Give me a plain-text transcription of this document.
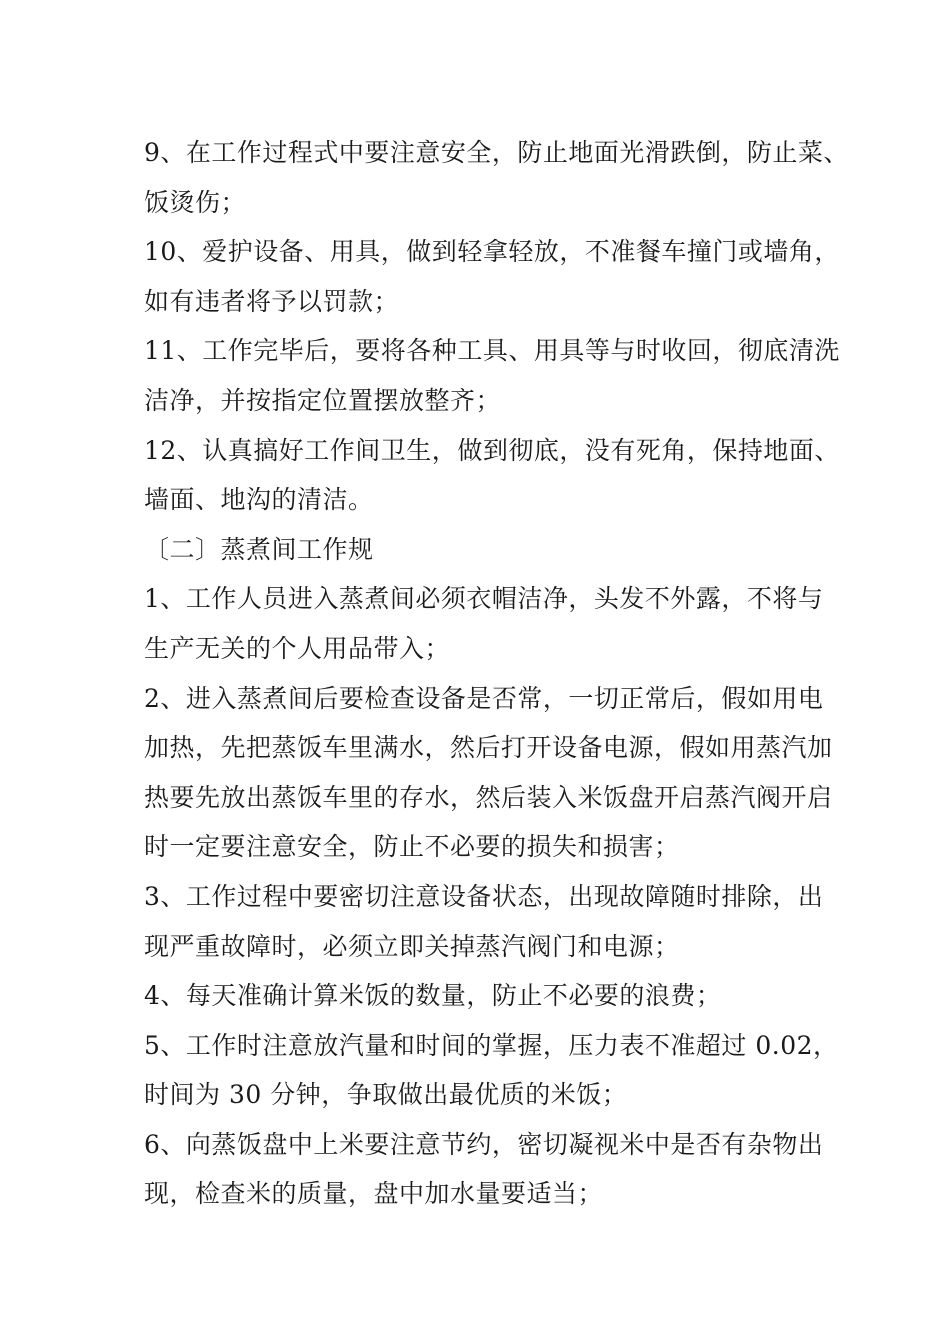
9、在工作过程式中要注意安全，防止地面光滑跌倒，防止菜、
饭烫伤；
10、爱护设备、用具，做到轻拿轻放，不准餐车撞门或墙角，
如有违者将予以罚款；
11、工作完毕后，要将各种工具、用具等与时收回，彻底清洗
洁净，并按指定位置摆放整齐；
12、认真搞好工作间卫生，做到彻底，没有死角，保持地面、
墙面、地沟的清洁。
〔二〕蒸煮间工作规
1、工作人员进入蒸煮间必须衣帽洁净，头发不外露，不将与
生产无关的个人用品带入；
2、进入蒸煮间后要检查设备是否常，一切正常后，假如用电
加热，先把蒸饭车里满水，然后打开设备电源，假如用蒸汽加
热要先放出蒸饭车里的存水，然后装入米饭盘开启蒸汽阀开启
时一定要注意安全，防止不必要的损失和损害；
3、工作过程中要密切注意设备状态，出现故障随时排除，出
现严重故障时，必须立即关掉蒸汽阀门和电源；
4、每天准确计算米饭的数量，防止不必要的浪费；
5、工作时注意放汽量和时间的掌握，压力表不准超过 0.02，
时间为 30 分钟，争取做出最优质的米饭；
6、向蒸饭盘中上米要注意节约，密切凝视米中是否有杂物出
现，检查米的质量，盘中加水量要适当；
